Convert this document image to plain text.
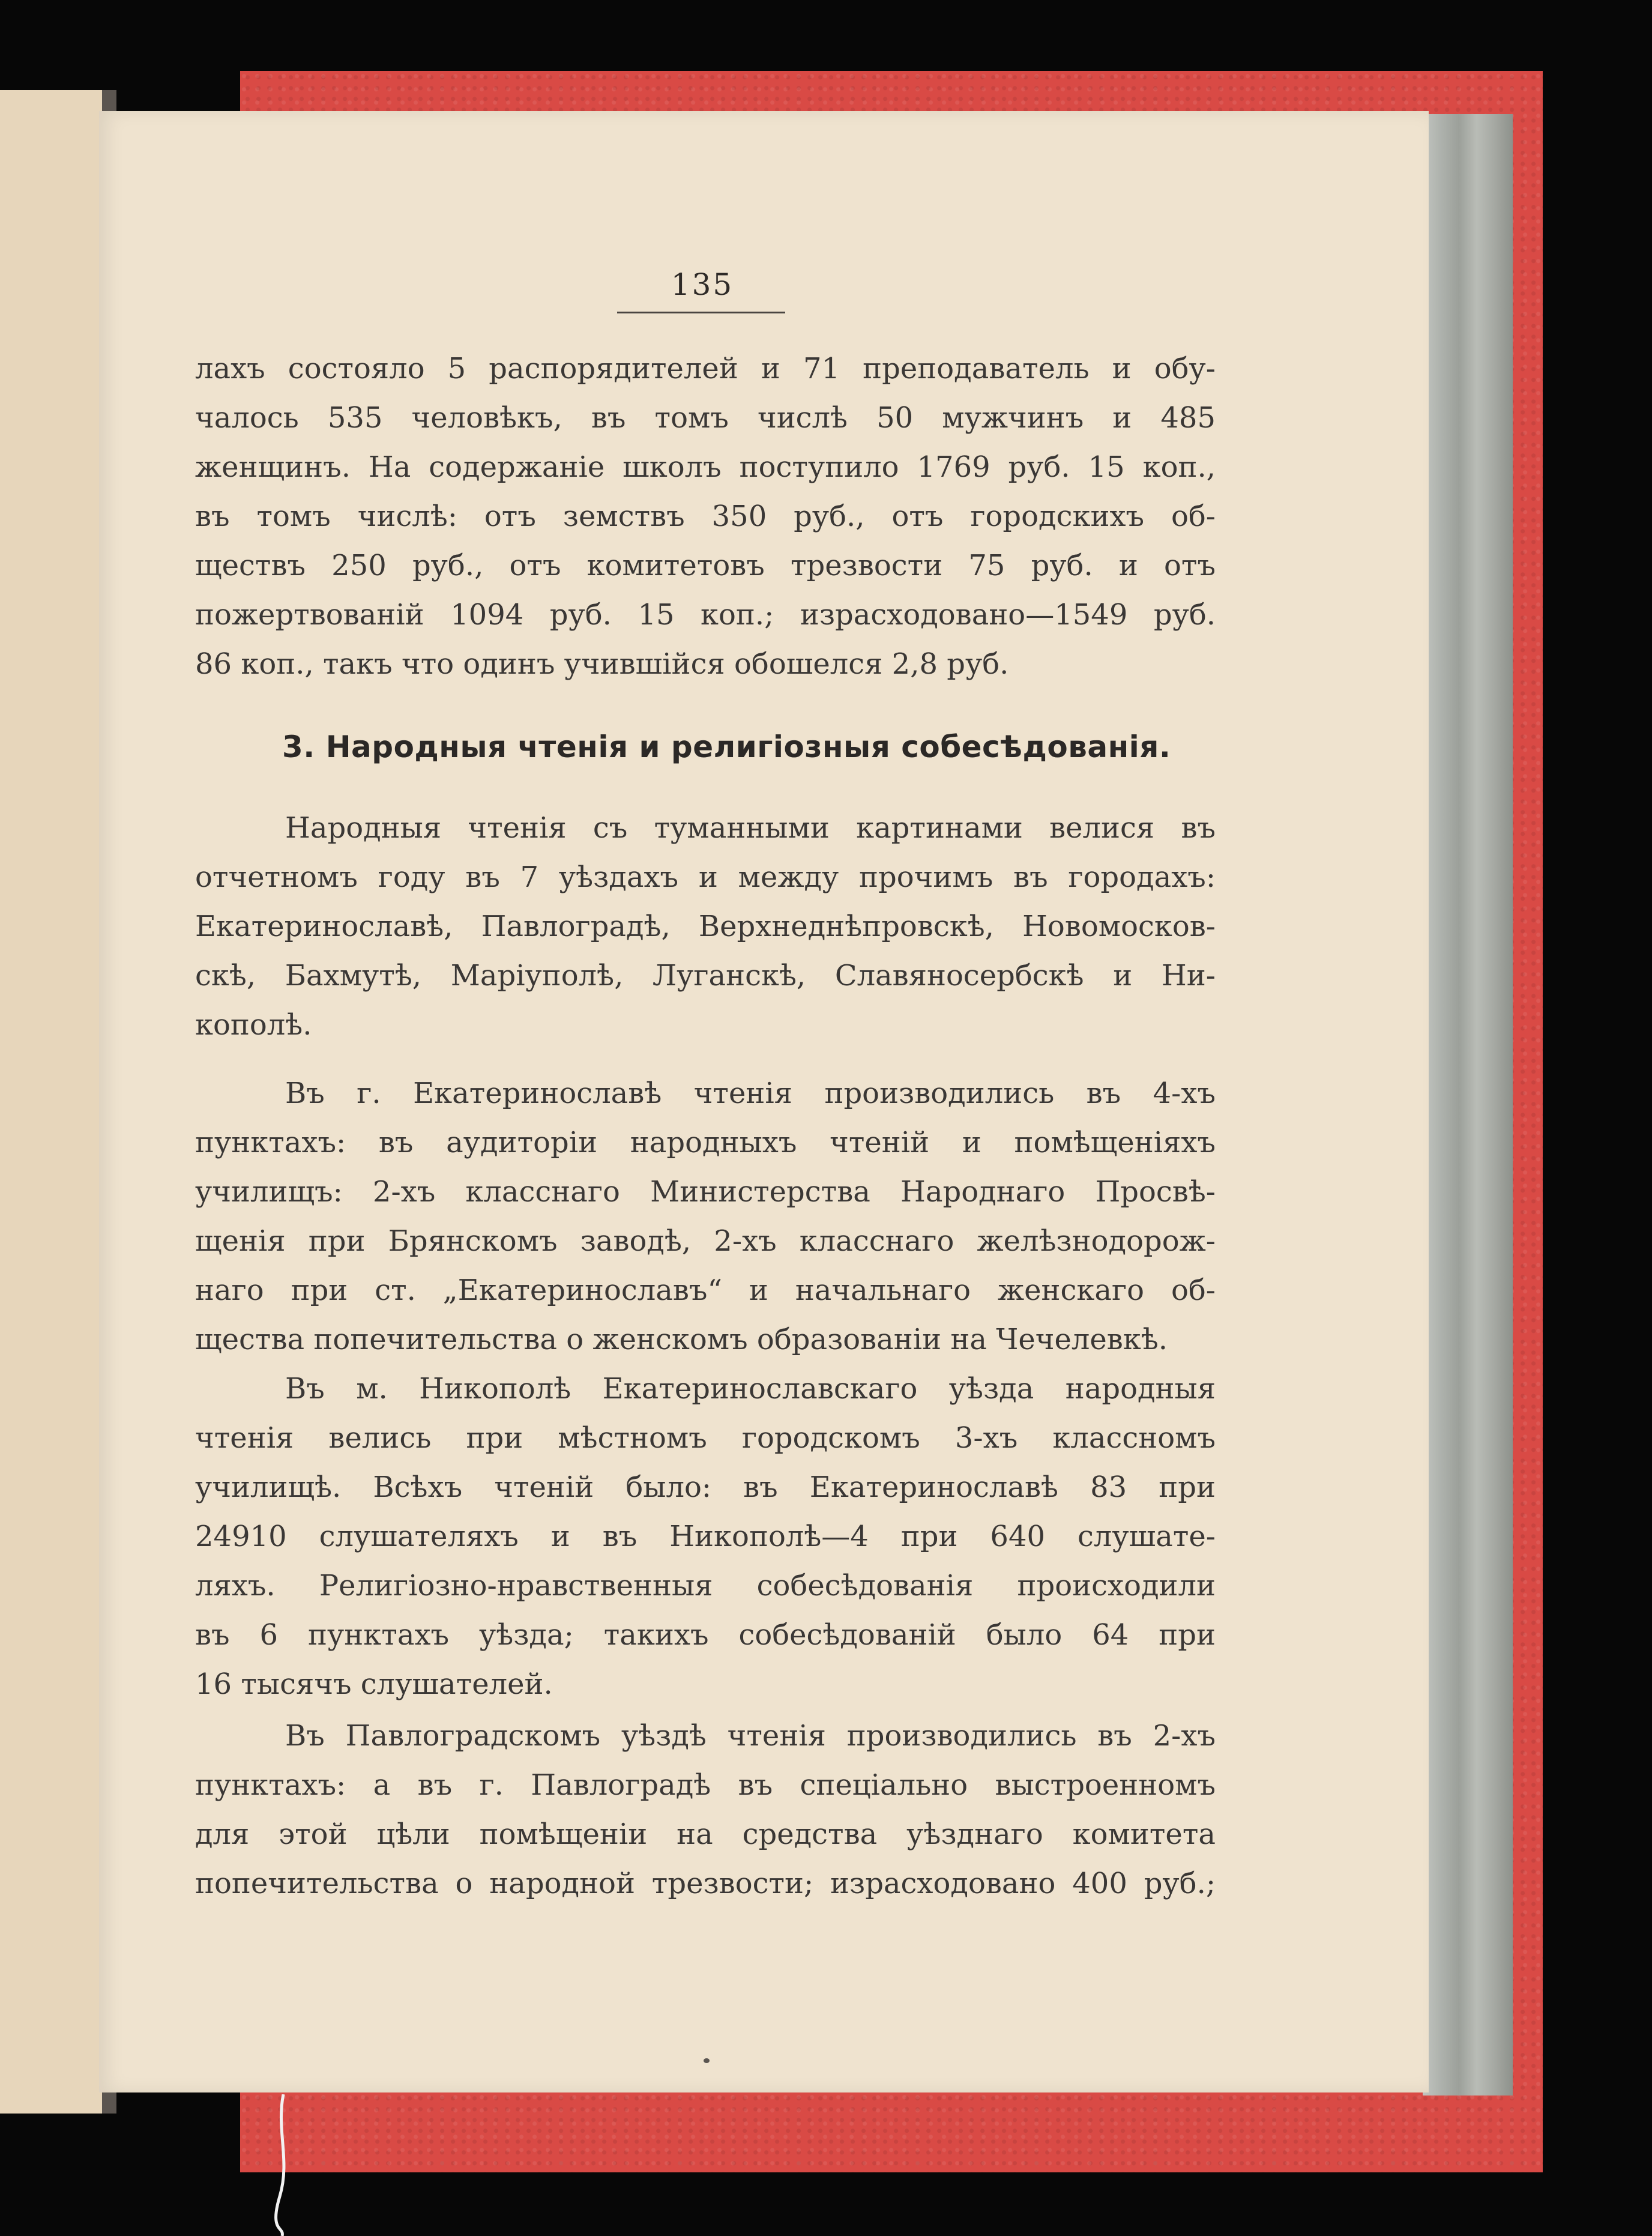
135
лахъ состояло 5 распорядителей и 71 преподаватель и обу-
чалось 535 человѣкъ, въ томъ числѣ 50 мужчинъ и 485
женщинъ. На содержаніе школъ поступило 1769 руб. 15 коп.,
въ томъ числѣ: отъ земствъ 350 руб., отъ городскихъ об-
ществъ 250 руб., отъ комитетовъ трезвости 75 руб. и отъ
пожертвованій 1094 руб. 15 коп.; израсходовано—1549 руб.
86 коп., такъ что одинъ учившійся обошелся 2,8 руб.
3. Народныя чтенія и религіозныя собесѣдованія.
Народныя чтенія съ туманными картинами велися въ
отчетномъ году въ 7 уѣздахъ и между прочимъ въ городахъ:
Екатеринославѣ, Павлоградѣ, Верхнеднѣпровскѣ, Новомосков-
скѣ, Бахмутѣ, Маріуполѣ, Луганскѣ, Славяносербскѣ и Ни-
кополѣ.
Въ г. Екатеринославѣ чтенія производились въ 4-хъ
пунктахъ: въ аудиторіи народныхъ чтеній и помѣщеніяхъ
училищъ: 2-хъ класснаго Министерства Народнаго Просвѣ-
щенія при Брянскомъ заводѣ, 2-хъ класснаго желѣзнодорож-
наго при ст. „Екатеринославъ“ и начальнаго женскаго об-
щества попечительства о женскомъ образованіи на Чечелевкѣ.
Въ м. Никополѣ Екатеринославскаго уѣзда народныя
чтенія велись при мѣстномъ городскомъ 3-хъ классномъ
училищѣ. Всѣхъ чтеній было: въ Екатеринославѣ 83 при
24910 слушателяхъ и въ Никополѣ—4 при 640 слушате-
ляхъ. Религіозно-нравственныя собесѣдованія происходили
въ 6 пунктахъ уѣзда; такихъ собесѣдованій было 64 при
16 тысячъ слушателей.
Въ Павлоградскомъ уѣздѣ чтенія производились въ 2-хъ
пунктахъ: а въ г. Павлоградѣ въ спеціально выстроенномъ
для этой цѣли помѣщеніи на средства уѣзднаго комитета
попечительства о народной трезвости; израсходовано 400 руб.;
